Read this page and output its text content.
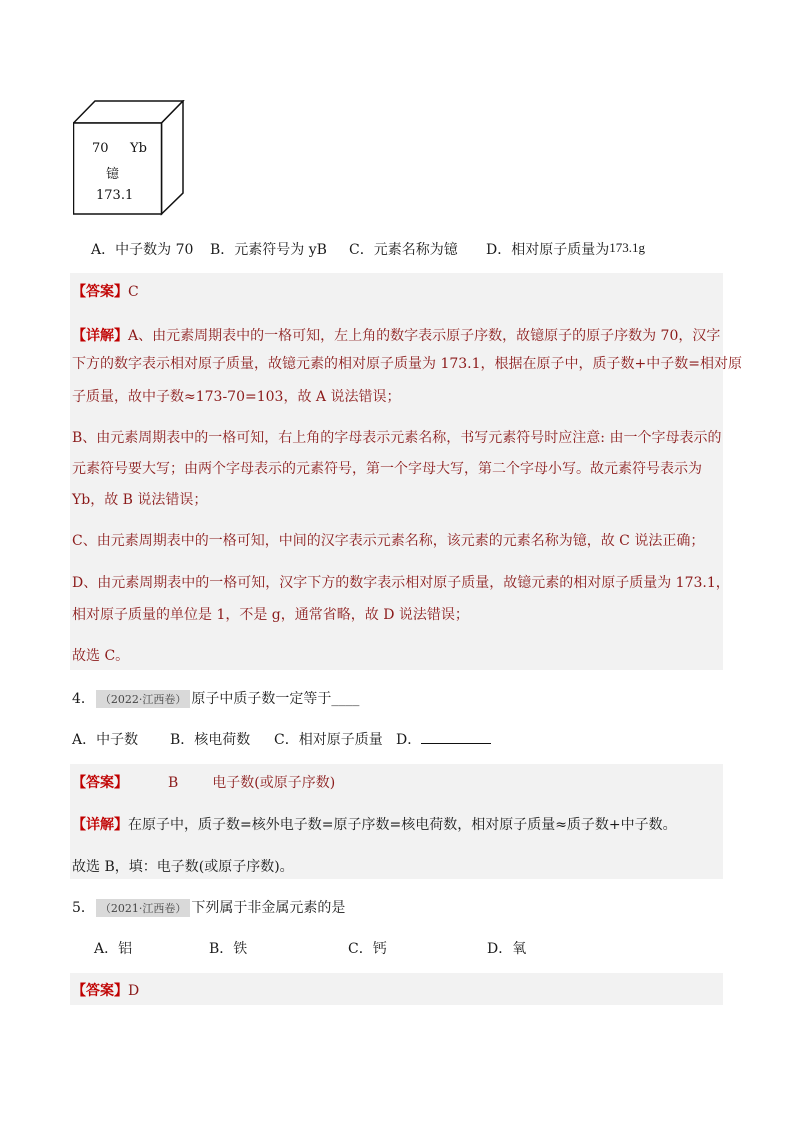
70 Yb
镱
173.1
A．中子数为 70 B．元素符号为 yB C．元素名称为镱 D．相对原子质量为173.1g
【答案】C
【详解】A、由元素周期表中的一格可知，左上角的数字表示原子序数，故镱原子的原子序数为 70，汉字
下方的数字表示相对原子质量，故镱元素的相对原子质量为 173.1，根据在原子中，质子数+中子数=相对原
子质量，故中子数≈173-70=103，故 A 说法错误；
B、由元素周期表中的一格可知，右上角的字母表示元素名称，书写元素符号时应注意: 由一个字母表示的
元素符号要大写；由两个字母表示的元素符号，第一个字母大写，第二个字母小写。故元素符号表示为
Yb，故 B 说法错误；
C、由元素周期表中的一格可知，中间的汉字表示元素名称，该元素的元素名称为镱，故 C 说法正确；
D、由元素周期表中的一格可知，汉字下方的数字表示相对原子质量，故镱元素的相对原子质量为 173.1，
相对原子质量的单位是 1，不是 g，通常省略，故 D 说法错误；
故选 C。
4． （2022·江西卷） 原子中质子数一定等于____
A．中子数 B．核电荷数 C．相对原子质量 D．
【答案】	B 电子数(或原子序数)
【详解】在原子中，质子数=核外电子数=原子序数=核电荷数，相对原子质量≈质子数+中子数。
故选 B，填：电子数(或原子序数)。
5． （2021·江西卷） 下列属于非金属元素的是
A．铝	B．铁	C．钙	D．氧
【答案】D
